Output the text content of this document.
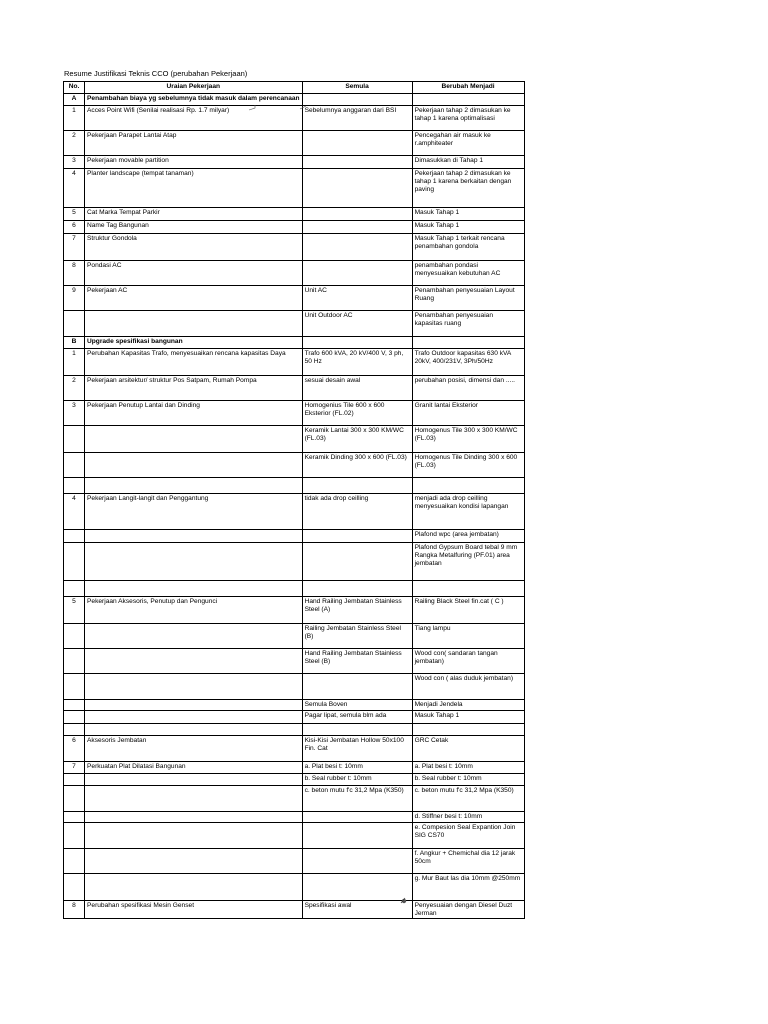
Resume Justifikasi Teknis CCO (perubahan Pekerjaan)
No.	Uraian Pekerjaan	Semula	Berubah Menjadi
A	Penambahan biaya yg sebelumnya tidak masuk dalam perencanaan		
1	Acces Point Wifi (Senilai realisasi Rp. 1.7 milyar)	Sebelumnya anggaran dari BSI	Pekerjaan tahap 2 dimasukan ke tahap 1 karena optimalisasi
2	Pekerjaan Parapet Lantai Atap		Pencegahan air masuk ke r.amphiteater
3	Pekerjaan movable partition		Dimasukkan di Tahap 1
4	Planter landscape (tempat tanaman)		Pekerjaan tahap 2 dimasukan ke tahap 1 karena berkaitan dengan paving
5	Cat Marka Tempat Parkir		Masuk Tahap 1
6	Name Tag Bangunan		Masuk Tahap 1
7	Struktur Gondola		Masuk Tahap 1 terkait rencana penambahan gondola
8	Pondasi AC		penambahan pondasi menyesuaikan kebutuhan AC
9	Pekerjaan AC	Unit AC	Penambahan penyesuaian Layout Ruang
		Unit Outdoor AC	Penambahan penyesuaian kapasitas ruang
B	Upgrade spesifikasi bangunan		
1	Perubahan Kapasitas Trafo, menyesuaikan rencana kapasitas Daya	Trafo 600 kVA, 20 kV/400 V, 3 ph, 50 Hz	Trafo Outdoor kapasitas 630 kVA 20kV, 400/231V, 3Ph/50Hz
2	Pekerjaan arsitektur/ struktur Pos Satpam, Rumah Pompa	sesuai desain awal	perubahan posisi, dimensi dan .....
3	Pekerjaan Penutup Lantai dan Dinding	Homogenius Tile 600 x 600 Eksterior (FL.02)	Granit lantai Eksterior
		Keramik Lantai 300 x 300 KM/WC (FL.03)	Homogenus Tile 300 x 300 KM/WC (FL.03)
		Keramik Dinding 300 x 600 (FL.03)	Homogenus Tile Dinding 300 x 600 (FL.03)

4	Pekerjaan Langit-langit dan Penggantung	tidak ada drop ceilling	menjadi ada drop ceilling menyesuaikan kondisi lapangan
			Plafond wpc (area jembatan)
			Plafond Gypsum Board tebal 9 mm Rangka Metalfuring (PF.01) area jembatan

5	Pekerjaan Aksesoris, Penutup dan Pengunci	Hand Railing Jembatan Stainless Steel (A)	Railing Black Steel fin.cat ( C )
		Railing Jembatan Stainless Steel (B)	Tiang lampu
		Hand Railing Jembatan Stainless Steel (B)	Wood con( sandaran tangan jembatan)
			Wood con ( alas duduk jembatan)
		Semula Boven	Menjadi Jendela
		Pagar lipat, semula blm ada	Masuk Tahap 1

6	Aksesoris Jembatan	Kisi-Kisi Jembatan Hollow 50x100 Fin. Cat	GRC Cetak
7	Perkuatan Plat Dilatasi Bangunan	a. Plat besi t: 10mm	a. Plat besi t: 10mm
		b. Seal rubber t: 10mm	b. Seal rubber t: 10mm
		c. beton mutu f'c 31,2 Mpa (K350)	c. beton mutu f'c 31,2 Mpa (K350)
			d. Stiffner besi t: 10mm
			e. Compesion Seal Expantion Join SIG CS70
			f. Angkur + Chemichal dia 12 jarak 50cm
			g. Mur Baut las dia 10mm @250mm
8	Perubahan spesifikasi Mesin Genset	Spesifikasi awal	Penyesuaian dengan Diesel Duzt Jerman
